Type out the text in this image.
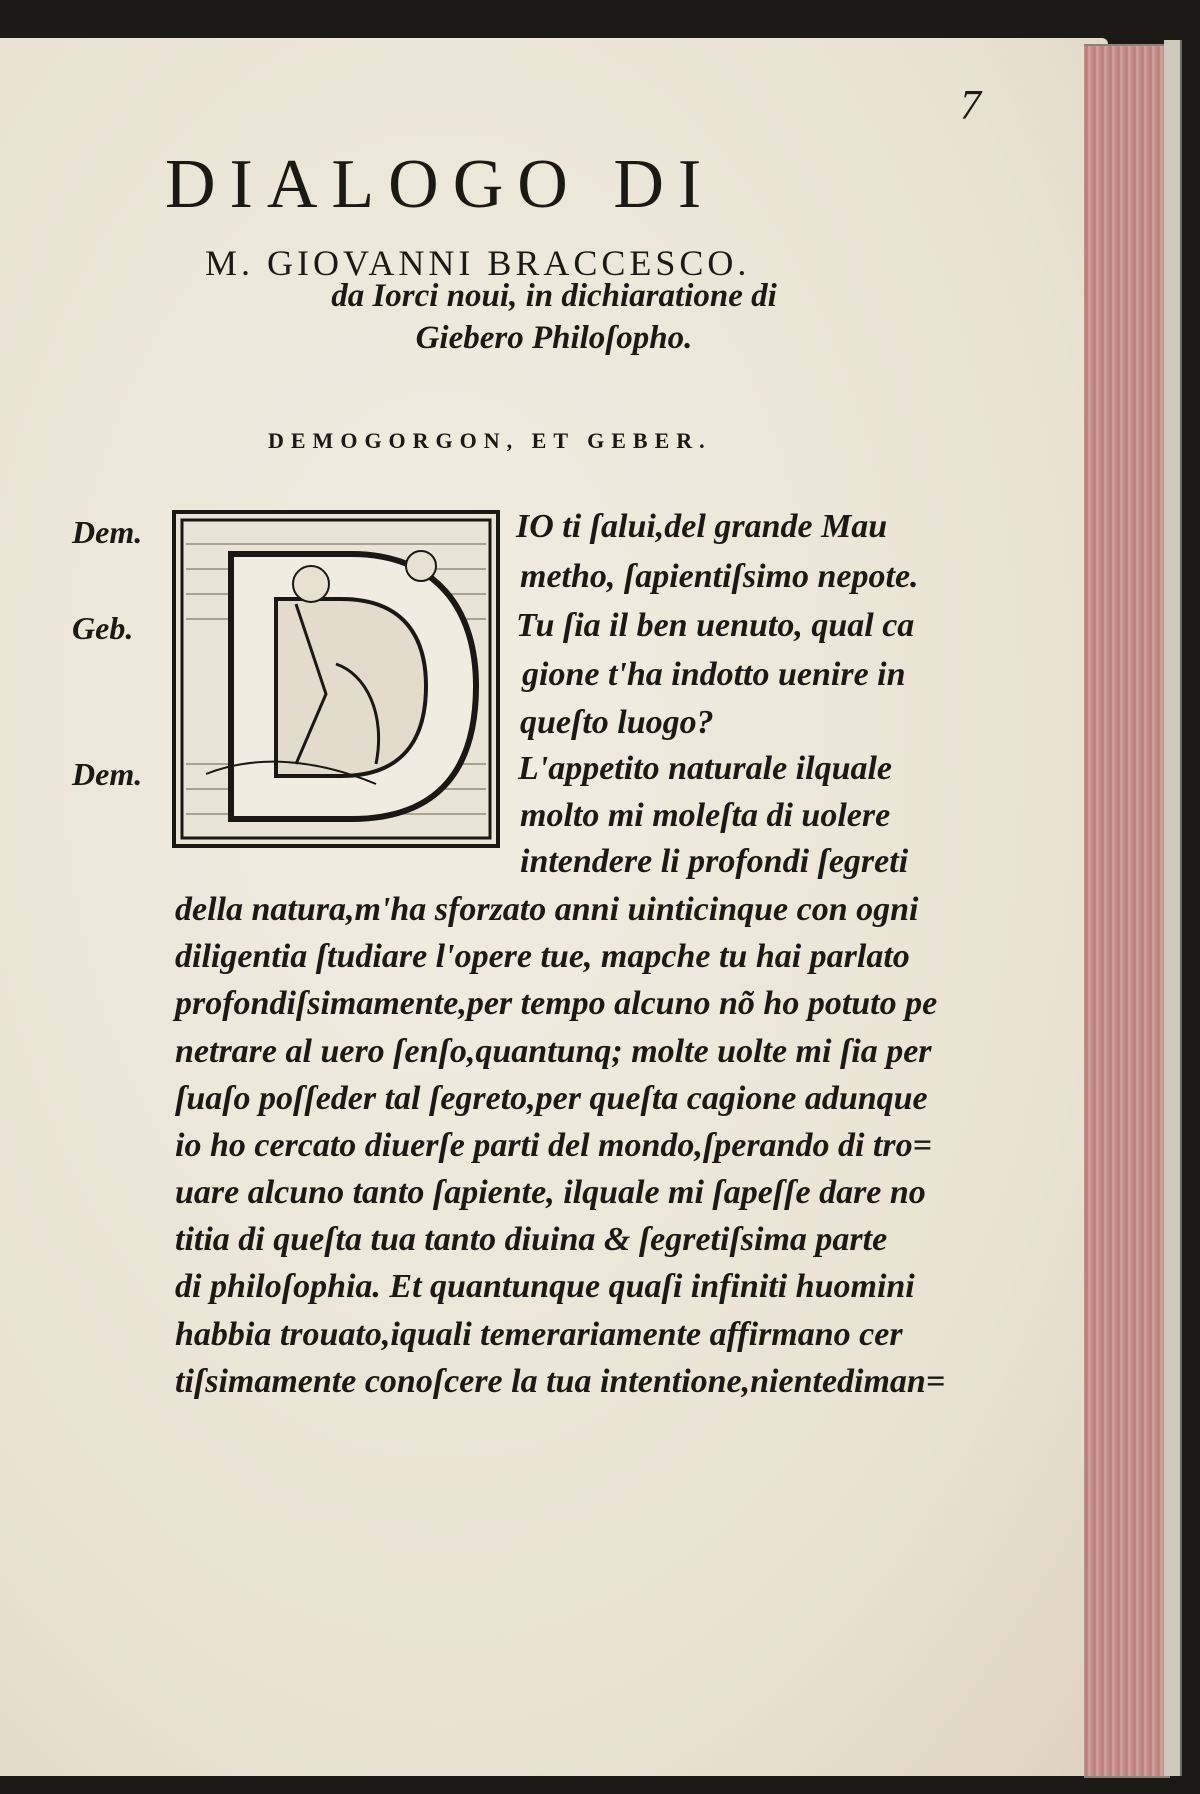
7
DIALOGO DI
M. GIOVANNI BRACCESCO.
da Iorci noui, in dichiaratione di
Giebero Philoſopho.
DEMOGORGON, ET GEBER.
Dem.
Geb.
Dem.
IO ti ſalui,del grande Mau
metho, ſapientiſsimo nepote.
Tu ſia il ben uenuto, qual ca
gione t'ha indotto uenire in
queſto luogo?
L'appetito naturale ilquale
molto mi moleſta di uolere
intendere li profondi ſegreti
della natura,m'ha sforzato anni uinticinque con ogni
diligentia ſtudiare l'opere tue, mapche tu hai parlato
profondiſsimamente,per tempo alcuno nõ ho potuto pe
netrare al uero ſenſo,quantunq; molte uolte mi ſia per
ſuaſo poſſeder tal ſegreto,per queſta cagione adunque
io ho cercato diuerſe parti del mondo,ſperando di tro=
uare alcuno tanto ſapiente, ilquale mi ſapeſſe dare no
titia di queſta tua tanto diuina & ſegretiſsima parte
di philoſophia. Et quantunque quaſi infiniti huomini
habbia trouato,iquali temerariamente affirmano cer
tiſsimamente conoſcere la tua intentione,nientediman=
